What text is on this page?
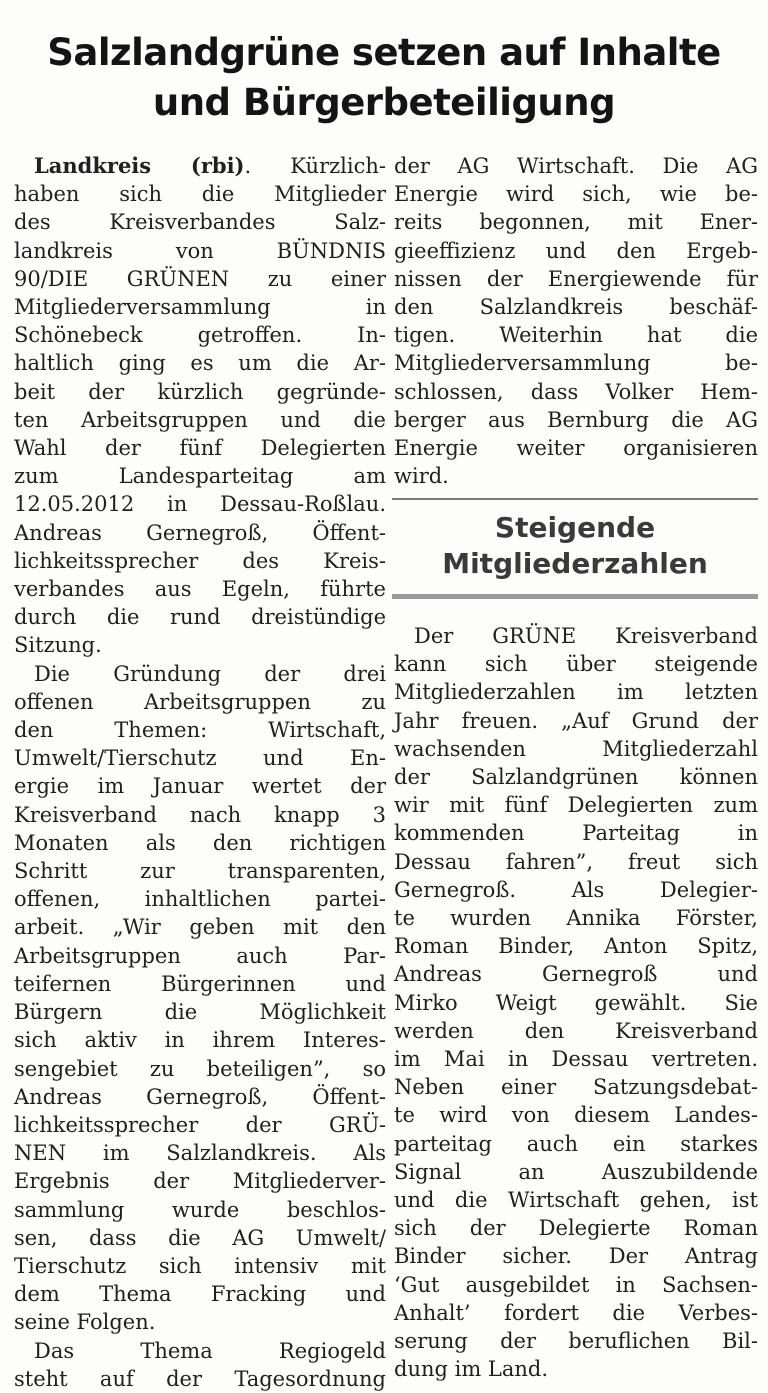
Salzlandgrüne setzen auf Inhalte
und Bürgerbeteiligung
Landkreis (rbi). Kürzlich-
haben sich die Mitglieder
des Kreisverbandes Salz-
landkreis von BÜNDNIS
90/DIE GRÜNEN zu einer
Mitgliederversammlung in
Schönebeck getroffen. In-
haltlich ging es um die Ar-
beit der kürzlich gegründe-
ten Arbeitsgruppen und die
Wahl der fünf Delegierten
zum Landesparteitag am
12.05.2012 in Dessau-Roßlau.
Andreas Gernegroß, Öffent-
lichkeitssprecher des Kreis-
verbandes aus Egeln, führte
durch die rund dreistündige
Sitzung.
Die Gründung der drei
offenen Arbeitsgruppen zu
den Themen: Wirtschaft,
Umwelt/Tierschutz und En-
ergie im Januar wertet der
Kreisverband nach knapp 3
Monaten als den richtigen
Schritt zur transparenten,
offenen, inhaltlichen partei-
arbeit. „Wir geben mit den
Arbeitsgruppen auch Par-
teifernen Bürgerinnen und
Bürgern die Möglichkeit
sich aktiv in ihrem Interes-
sengebiet zu beteiligen”, so
Andreas Gernegroß, Öffent-
lichkeitssprecher der GRÜ-
NEN im Salzlandkreis. Als
Ergebnis der Mitgliederver-
sammlung wurde beschlos-
sen, dass die AG Umwelt/
Tierschutz sich intensiv mit
dem Thema Fracking und
seine Folgen.
Das Thema Regiogeld
steht auf der Tagesordnung
der AG Wirtschaft. Die AG
Energie wird sich, wie be-
reits begonnen, mit Ener-
gieeffizienz und den Ergeb-
nissen der Energiewende für
den Salzlandkreis beschäf-
tigen. Weiterhin hat die
Mitgliederversammlung be-
schlossen, dass Volker Hem-
berger aus Bernburg die AG
Energie weiter organisieren
wird.
Steigende
Mitgliederzahlen
Der GRÜNE Kreisverband
kann sich über steigende
Mitgliederzahlen im letzten
Jahr freuen. „Auf Grund der
wachsenden Mitgliederzahl
der Salzlandgrünen können
wir mit fünf Delegierten zum
kommenden Parteitag in
Dessau fahren”, freut sich
Gernegroß. Als Delegier-
te wurden Annika Förster,
Roman Binder, Anton Spitz,
Andreas Gernegroß und
Mirko Weigt gewählt. Sie
werden den Kreisverband
im Mai in Dessau vertreten.
Neben einer Satzungsdebat-
te wird von diesem Landes-
parteitag auch ein starkes
Signal an Auszubildende
und die Wirtschaft gehen, ist
sich der Delegierte Roman
Binder sicher. Der Antrag
‘Gut ausgebildet in Sachsen-
Anhalt’ fordert die Verbes-
serung der beruflichen Bil-
dung im Land.
